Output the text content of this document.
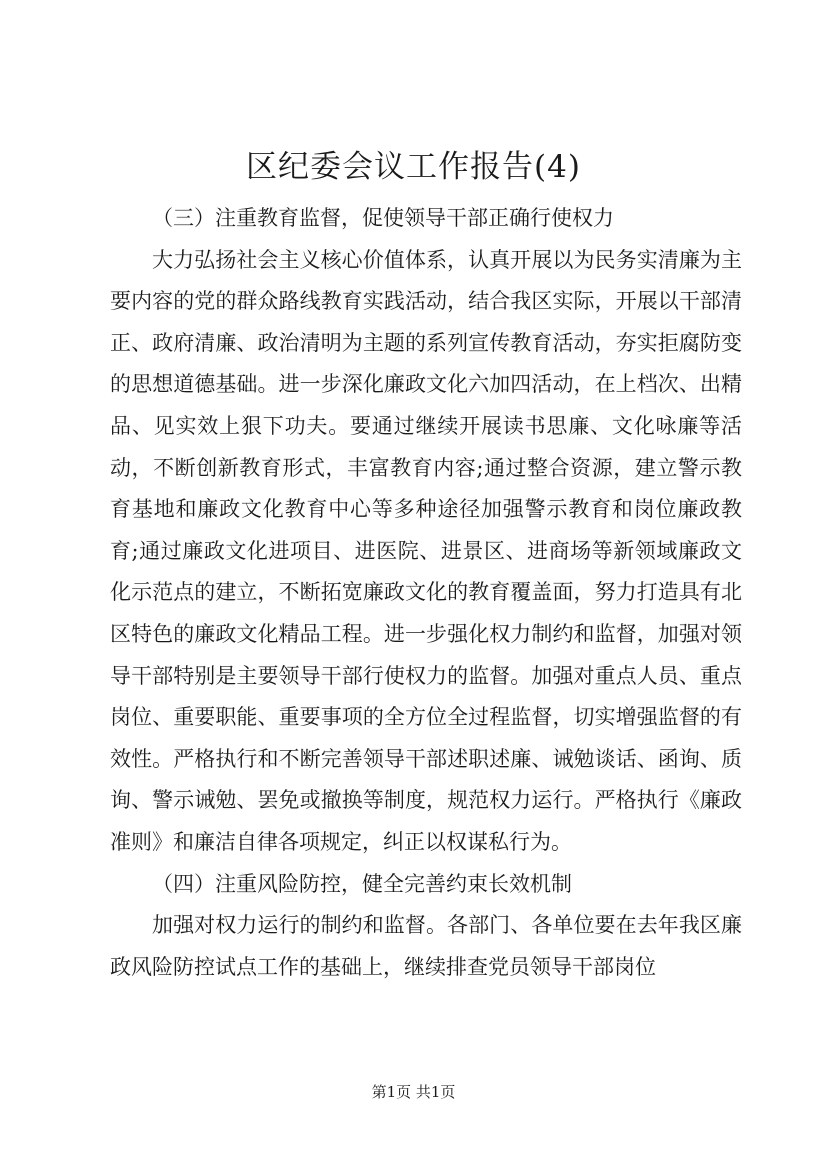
区纪委会议工作报告(4)

（三）注重教育监督，促使领导干部正确行使权力

大力弘扬社会主义核心价值体系，认真开展以为民务实清廉为主要内容的党的群众路线教育实践活动，结合我区实际，开展以干部清正、政府清廉、政治清明为主题的系列宣传教育活动，夯实拒腐防变的思想道德基础。进一步深化廉政文化六加四活动，在上档次、出精品、见实效上狠下功夫。要通过继续开展读书思廉、文化咏廉等活动，不断创新教育形式，丰富教育内容;通过整合资源，建立警示教育基地和廉政文化教育中心等多种途径加强警示教育和岗位廉政教育;通过廉政文化进项目、进医院、进景区、进商场等新领域廉政文化示范点的建立，不断拓宽廉政文化的教育覆盖面，努力打造具有北区特色的廉政文化精品工程。进一步强化权力制约和监督，加强对领导干部特别是主要领导干部行使权力的监督。加强对重点人员、重点岗位、重要职能、重要事项的全方位全过程监督，切实增强监督的有效性。严格执行和不断完善领导干部述职述廉、诫勉谈话、函询、质询、警示诫勉、罢免或撤换等制度，规范权力运行。严格执行《廉政准则》和廉洁自律各项规定，纠正以权谋私行为。

（四）注重风险防控，健全完善约束长效机制

加强对权力运行的制约和监督。各部门、各单位要在去年我区廉政风险防控试点工作的基础上，继续排查党员领导干部岗位

第1页 共1页
